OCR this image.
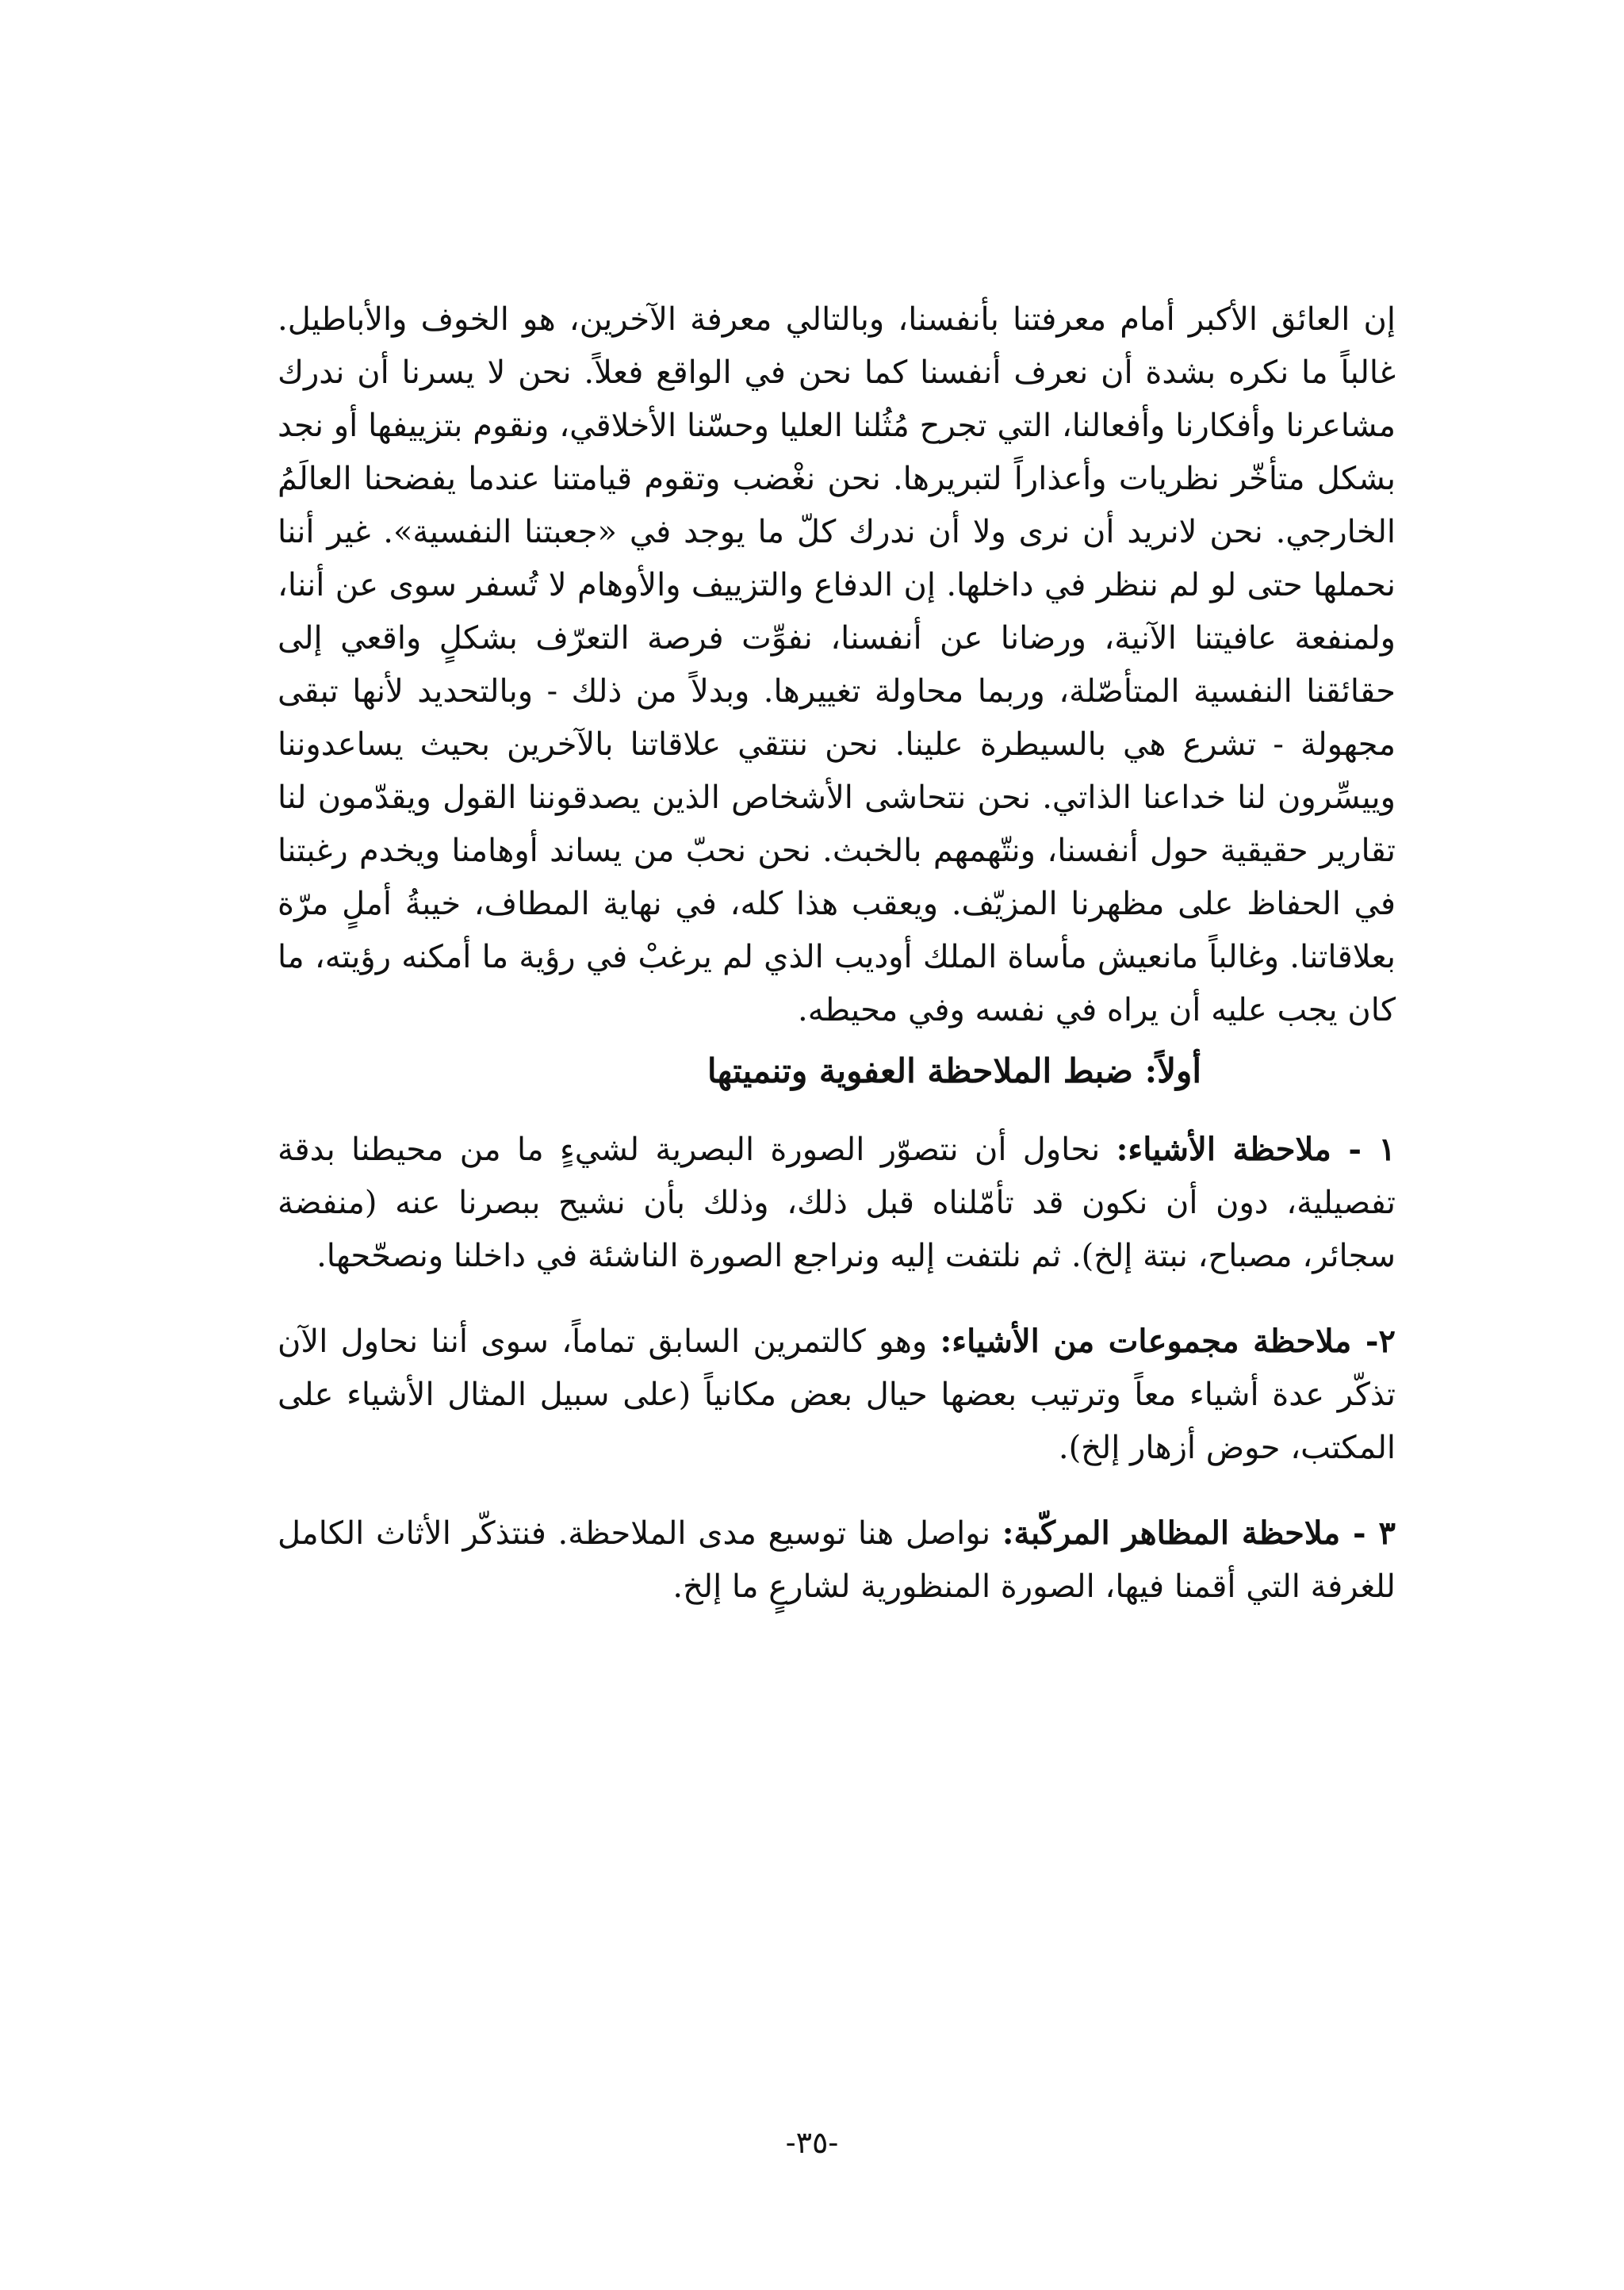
إن العائق الأكبر أمام معرفتنا بأنفسنا، وبالتالي معرفة الآخرين، هو الخوف والأباطيل. غالباً ما نكره بشدة أن نعرف أنفسنا كما نحن في الواقع فعلاً. نحن لا يسرنا أن ندرك مشاعرنا وأفكارنا وأفعالنا، التي تجرح مُثُلنا العليا وحسّنا الأخلاقي، ونقوم بتزييفها أو نجد بشكل متأخّر نظريات وأعذاراً لتبريرها. نحن نغْضب وتقوم قيامتنا عندما يفضحنا العالَمُ الخارجي. نحن لانريد أن نرى ولا أن ندرك كلّ ما يوجد في «جعبتنا النفسية». غير أننا نحملها حتى لو لم ننظر في داخلها. إن الدفاع والتزييف والأوهام لا تُسفر سوى عن أننا، ولمنفعة عافيتنا الآنية، ورضانا عن أنفسنا، نفوِّت فرصة التعرّف بشكلٍ واقعي إلى حقائقنا النفسية المتأصّلة، وربما محاولة تغييرها. وبدلاً من ذلك - وبالتحديد لأنها تبقى مجهولة - تشرع هي بالسيطرة علينا. نحن ننتقي علاقاتنا بالآخرين بحيث يساعدوننا وييسِّرون لنا خداعنا الذاتي. نحن نتحاشى الأشخاص الذين يصدقوننا القول ويقدّمون لنا تقارير حقيقية حول أنفسنا، ونتّهمهم بالخبث. نحن نحبّ من يساند أوهامنا ويخدم رغبتنا في الحفاظ على مظهرنا المزيّف. ويعقب هذا كله، في نهاية المطاف، خيبةُ أملٍ مرّة بعلاقاتنا. وغالباً مانعيش مأساة الملك أوديب الذي لم يرغبْ في رؤية ما أمكنه رؤيته، ما كان يجب عليه أن يراه في نفسه وفي محيطه.

أولاً: ضبط الملاحظة العفوية وتنميتها

١ - ملاحظة الأشياء: نحاول أن نتصوّر الصورة البصرية لشيءٍ ما من محيطنا بدقة تفصيلية، دون أن نكون قد تأمّلناه قبل ذلك، وذلك بأن نشيح ببصرنا عنه (منفضة سجائر، مصباح، نبتة إلخ). ثم نلتفت إليه ونراجع الصورة الناشئة في داخلنا ونصحّحها.

٢- ملاحظة مجموعات من الأشياء: وهو كالتمرين السابق تماماً، سوى أننا نحاول الآن تذكّر عدة أشياء معاً وترتيب بعضها حيال بعض مكانياً (على سبيل المثال الأشياء على المكتب، حوض أزهار إلخ).

٣ - ملاحظة المظاهر المركّبة: نواصل هنا توسيع مدى الملاحظة. فنتذكّر الأثاث الكامل للغرفة التي أقمنا فيها، الصورة المنظورية لشارعٍ ما إلخ.

-٣٥-
